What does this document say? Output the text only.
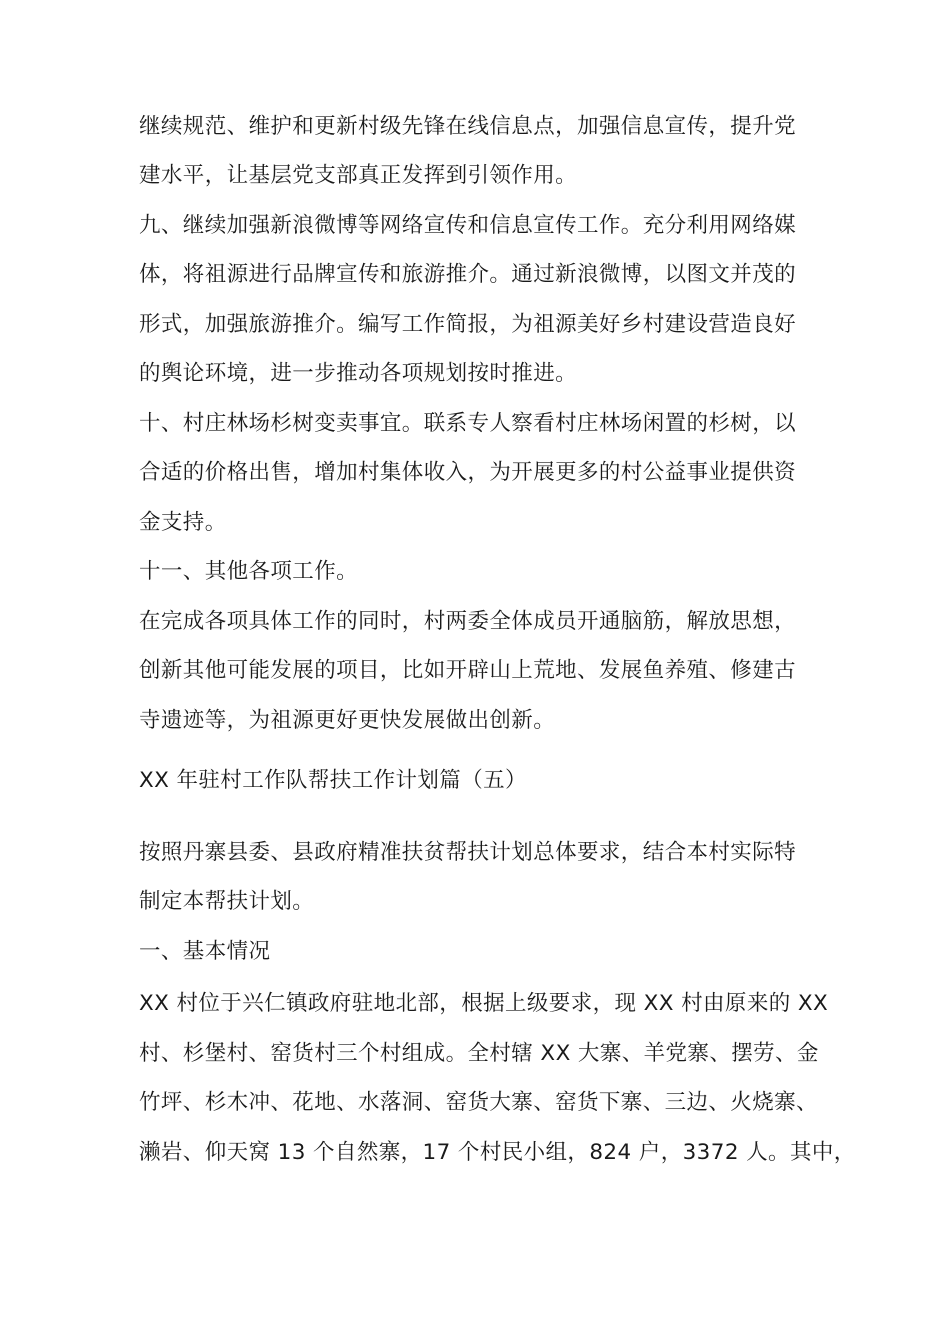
继续规范、维护和更新村级先锋在线信息点，加强信息宣传，提升党
建水平，让基层党支部真正发挥到引领作用。
九、继续加强新浪微博等网络宣传和信息宣传工作。充分利用网络媒
体，将祖源进行品牌宣传和旅游推介。通过新浪微博，以图文并茂的
形式，加强旅游推介。编写工作简报，为祖源美好乡村建设营造良好
的舆论环境，进一步推动各项规划按时推进。
十、村庄林场杉树变卖事宜。联系专人察看村庄林场闲置的杉树，以
合适的价格出售，增加村集体收入，为开展更多的村公益事业提供资
金支持。
十一、其他各项工作。
在完成各项具体工作的同时，村两委全体成员开通脑筋，解放思想，
创新其他可能发展的项目，比如开辟山上荒地、发展鱼养殖、修建古
寺遗迹等，为祖源更好更快发展做出创新。
XX 年驻村工作队帮扶工作计划篇（五）
按照丹寨县委、县政府精准扶贫帮扶计划总体要求，结合本村实际特
制定本帮扶计划。
一、基本情况
XX 村位于兴仁镇政府驻地北部，根据上级要求，现 XX 村由原来的 XX
村、杉堡村、窑货村三个村组成。全村辖 XX 大寨、羊党寨、摆劳、金
竹坪、杉木冲、花地、水落洞、窑货大寨、窑货下寨、三边、火烧寨、
濑岩、仰天窝 13 个自然寨，17 个村民小组，824 户，3372 人。其中，
